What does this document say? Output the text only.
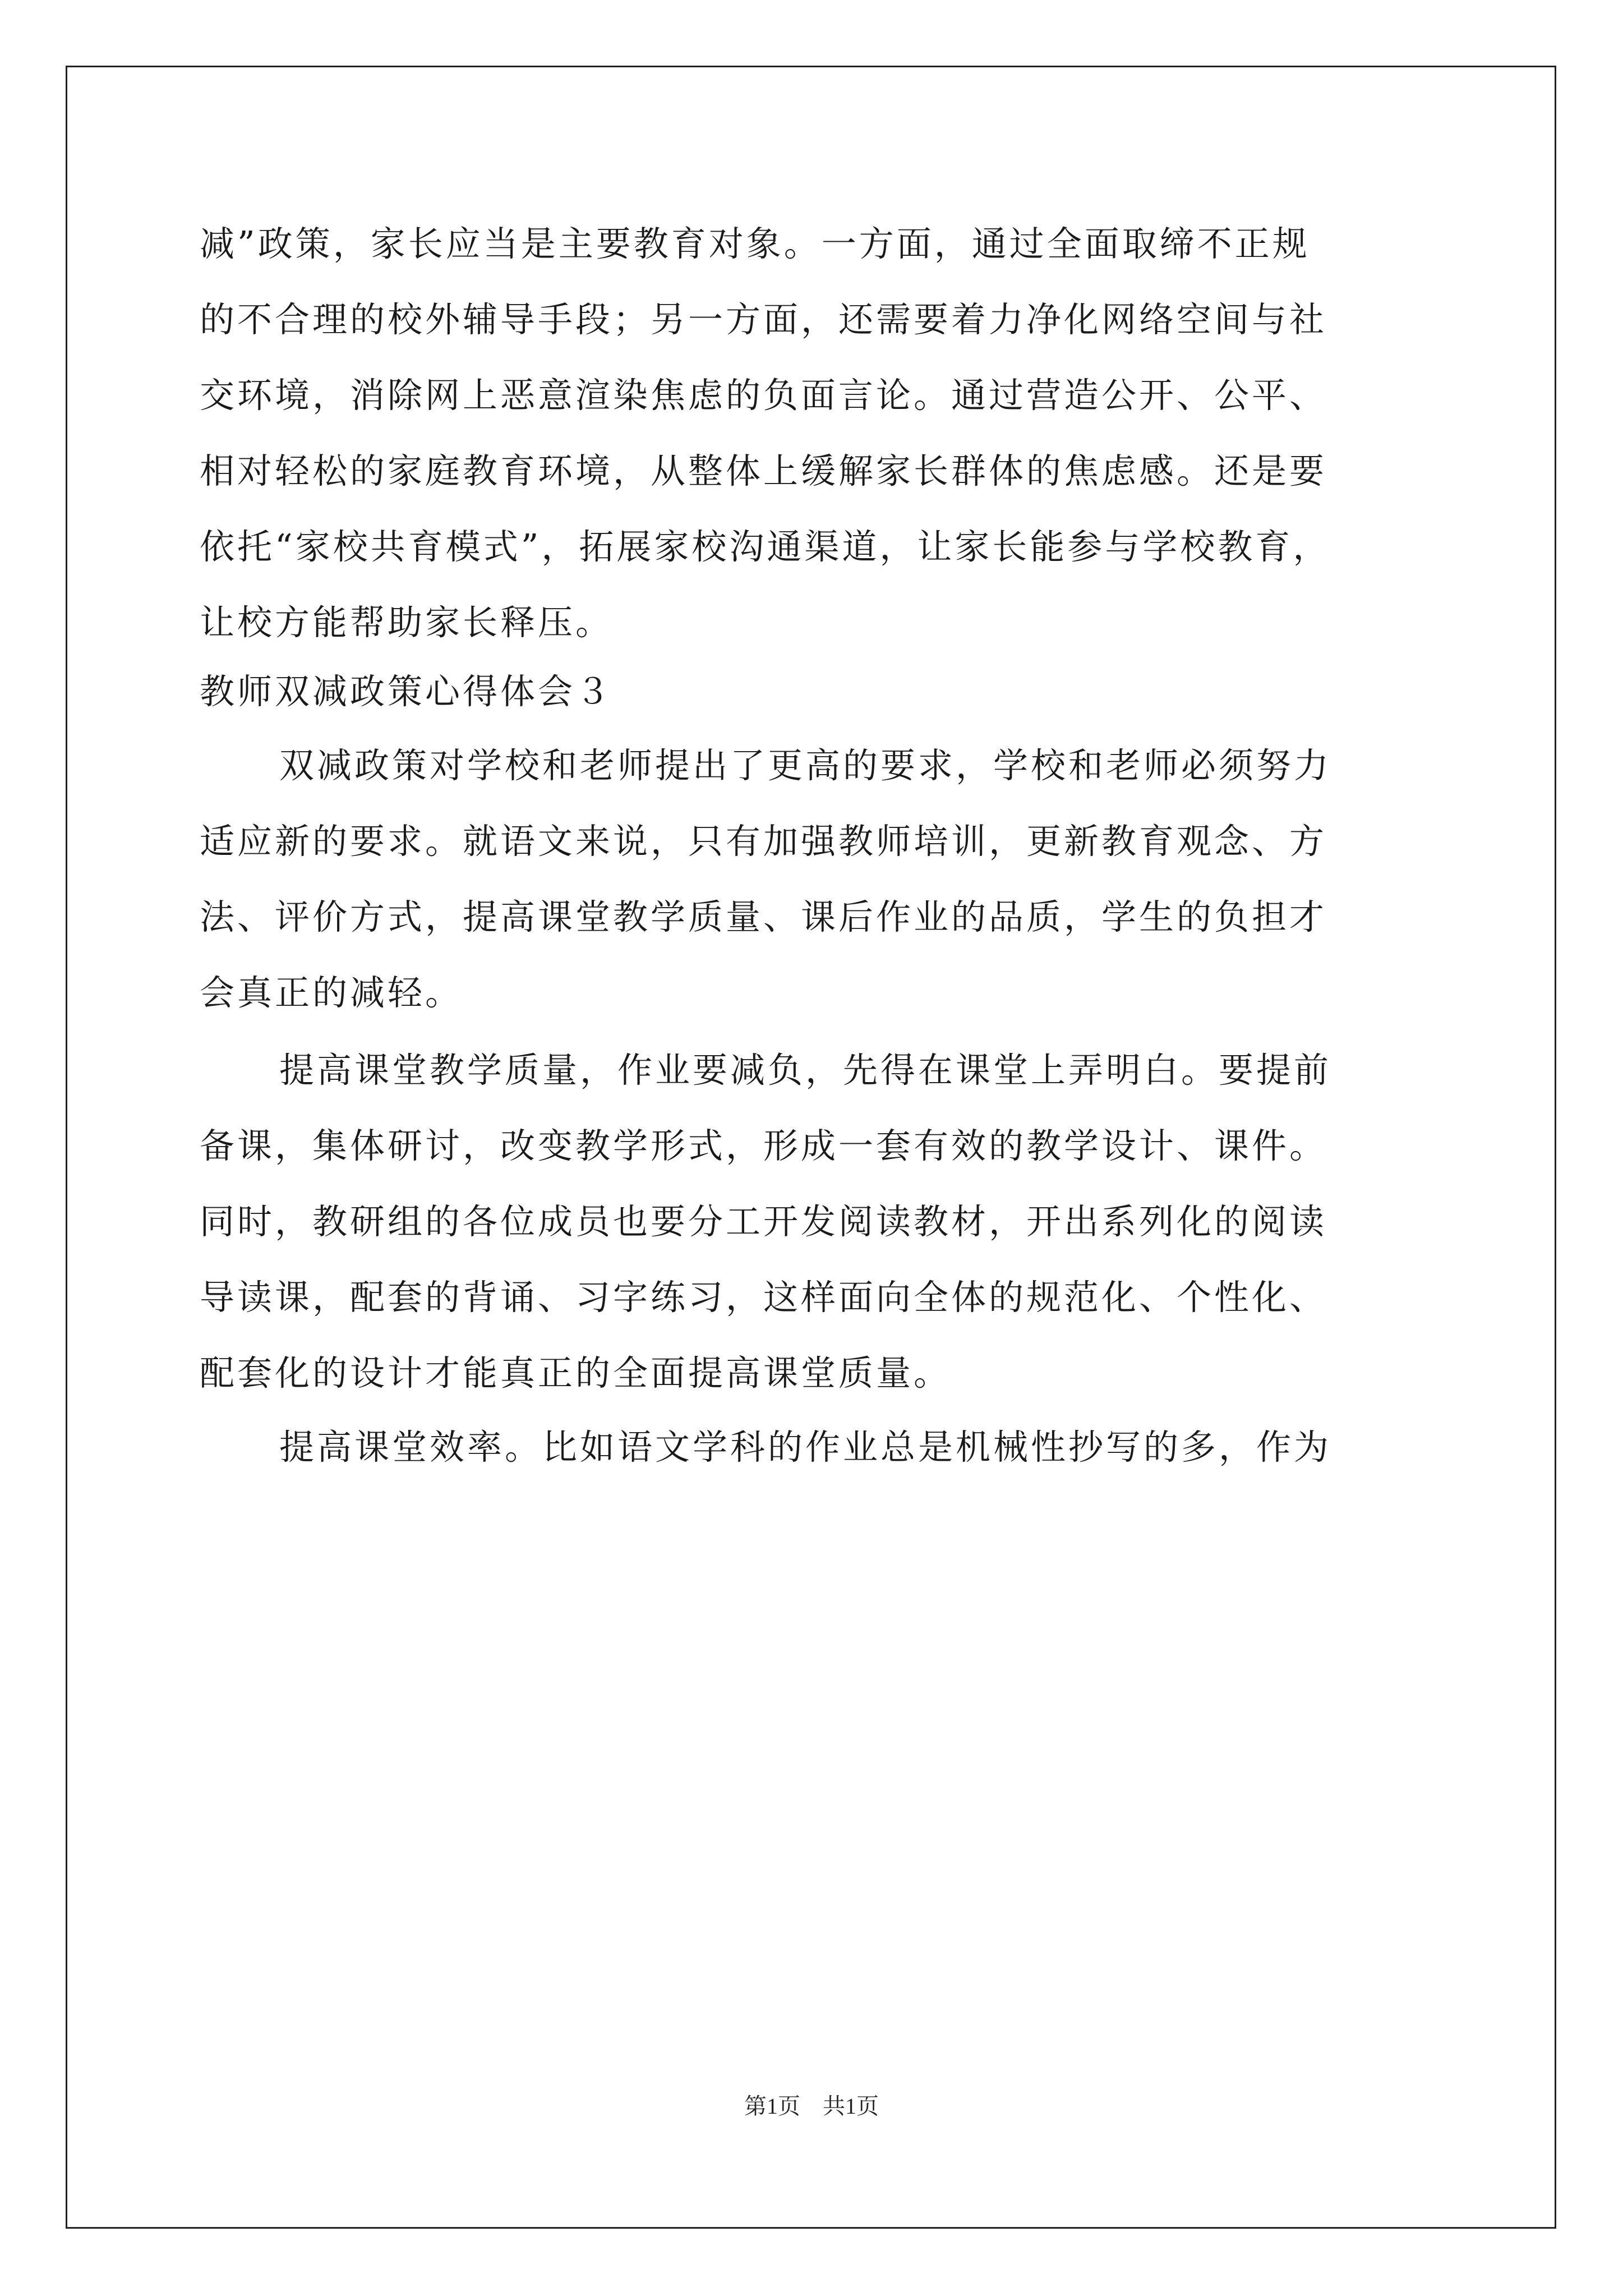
减”政策，家长应当是主要教育对象。一方面，通过全面取缔不正规
的不合理的校外辅导手段；另一方面，还需要着力净化网络空间与社
交环境，消除网上恶意渲染焦虑的负面言论。通过营造公开、公平、
相对轻松的家庭教育环境，从整体上缓解家长群体的焦虑感。还是要
依托“家校共育模式”，拓展家校沟通渠道，让家长能参与学校教育，
让校方能帮助家长释压。
教师双减政策心得体会３
双减政策对学校和老师提出了更高的要求，学校和老师必须努力
适应新的要求。就语文来说，只有加强教师培训，更新教育观念、方
法、评价方式，提高课堂教学质量、课后作业的品质，学生的负担才
会真正的减轻。
提高课堂教学质量，作业要减负，先得在课堂上弄明白。要提前
备课，集体研讨，改变教学形式，形成一套有效的教学设计、课件。
同时，教研组的各位成员也要分工开发阅读教材，开出系列化的阅读
导读课，配套的背诵、习字练习，这样面向全体的规范化、个性化、
配套化的设计才能真正的全面提高课堂质量。
提高课堂效率。比如语文学科的作业总是机械性抄写的多，作为
第1页　共1页
